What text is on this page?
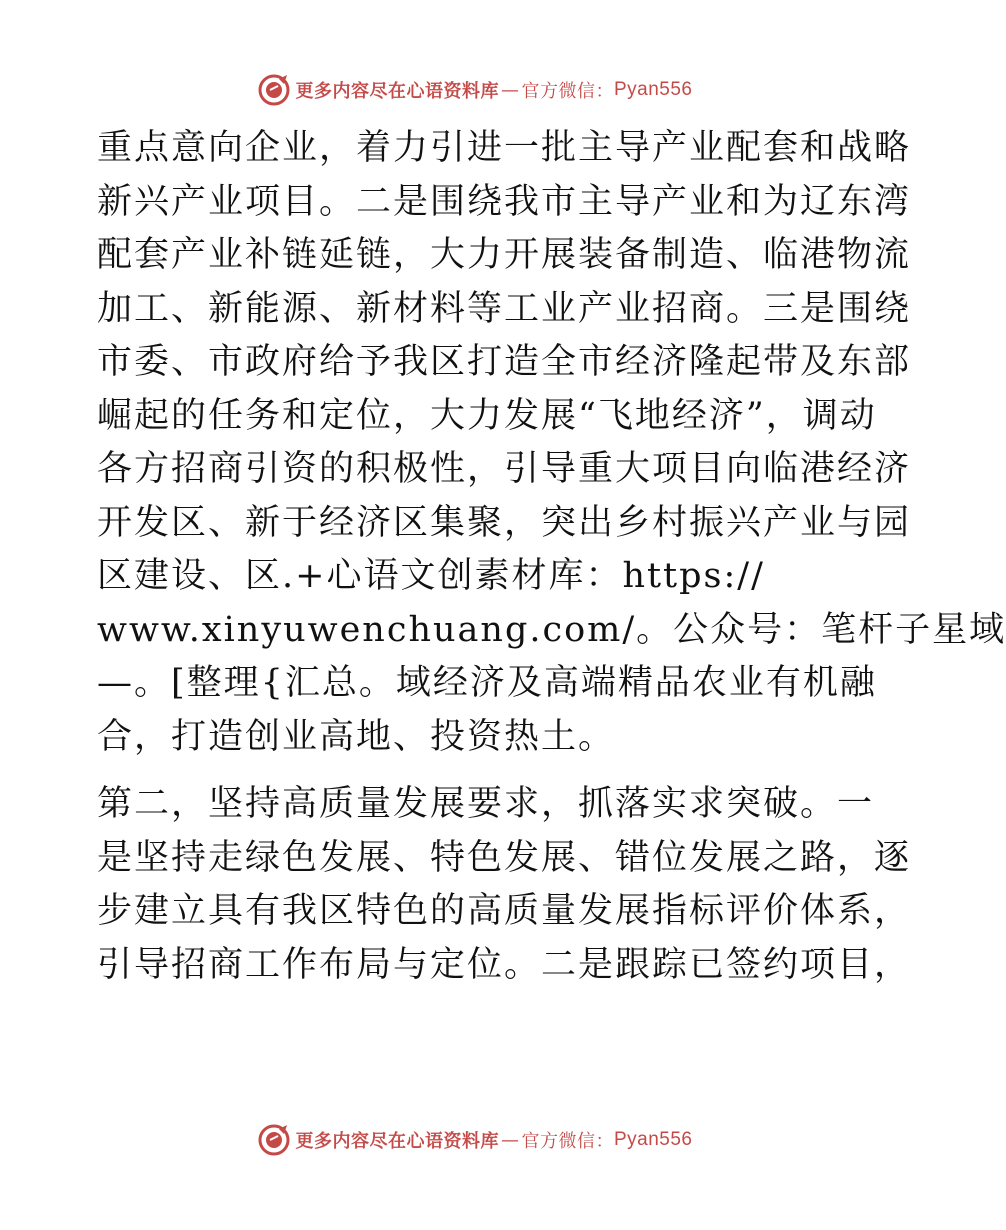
更多内容尽在心语资料库 — 官方微信： Pyan556
重点意向企业，着力引进一批主导产业配套和战略
新兴产业项目。二是围绕我市主导产业和为辽东湾
配套产业补链延链，大力开展装备制造、临港物流
加工、新能源、新材料等工业产业招商。三是围绕
市委、市政府给予我区打造全市经济隆起带及东部
崛起的任务和定位，大力发展“飞地经济”，调动
各方招商引资的积极性，引导重大项目向临港经济
开发区、新于经济区集聚，突出乡村振兴产业与园
区建设、区.+心语文创素材库：https://
www.xinyuwenchuang.com/。公众号：笔杆子星域
—。[整理{汇总。域经济及高端精品农业有机融
合，打造创业高地、投资热土。
第二，坚持高质量发展要求，抓落实求突破。一
是坚持走绿色发展、特色发展、错位发展之路，逐
步建立具有我区特色的高质量发展指标评价体系，
引导招商工作布局与定位。二是跟踪已签约项目，
更多内容尽在心语资料库 — 官方微信： Pyan556
